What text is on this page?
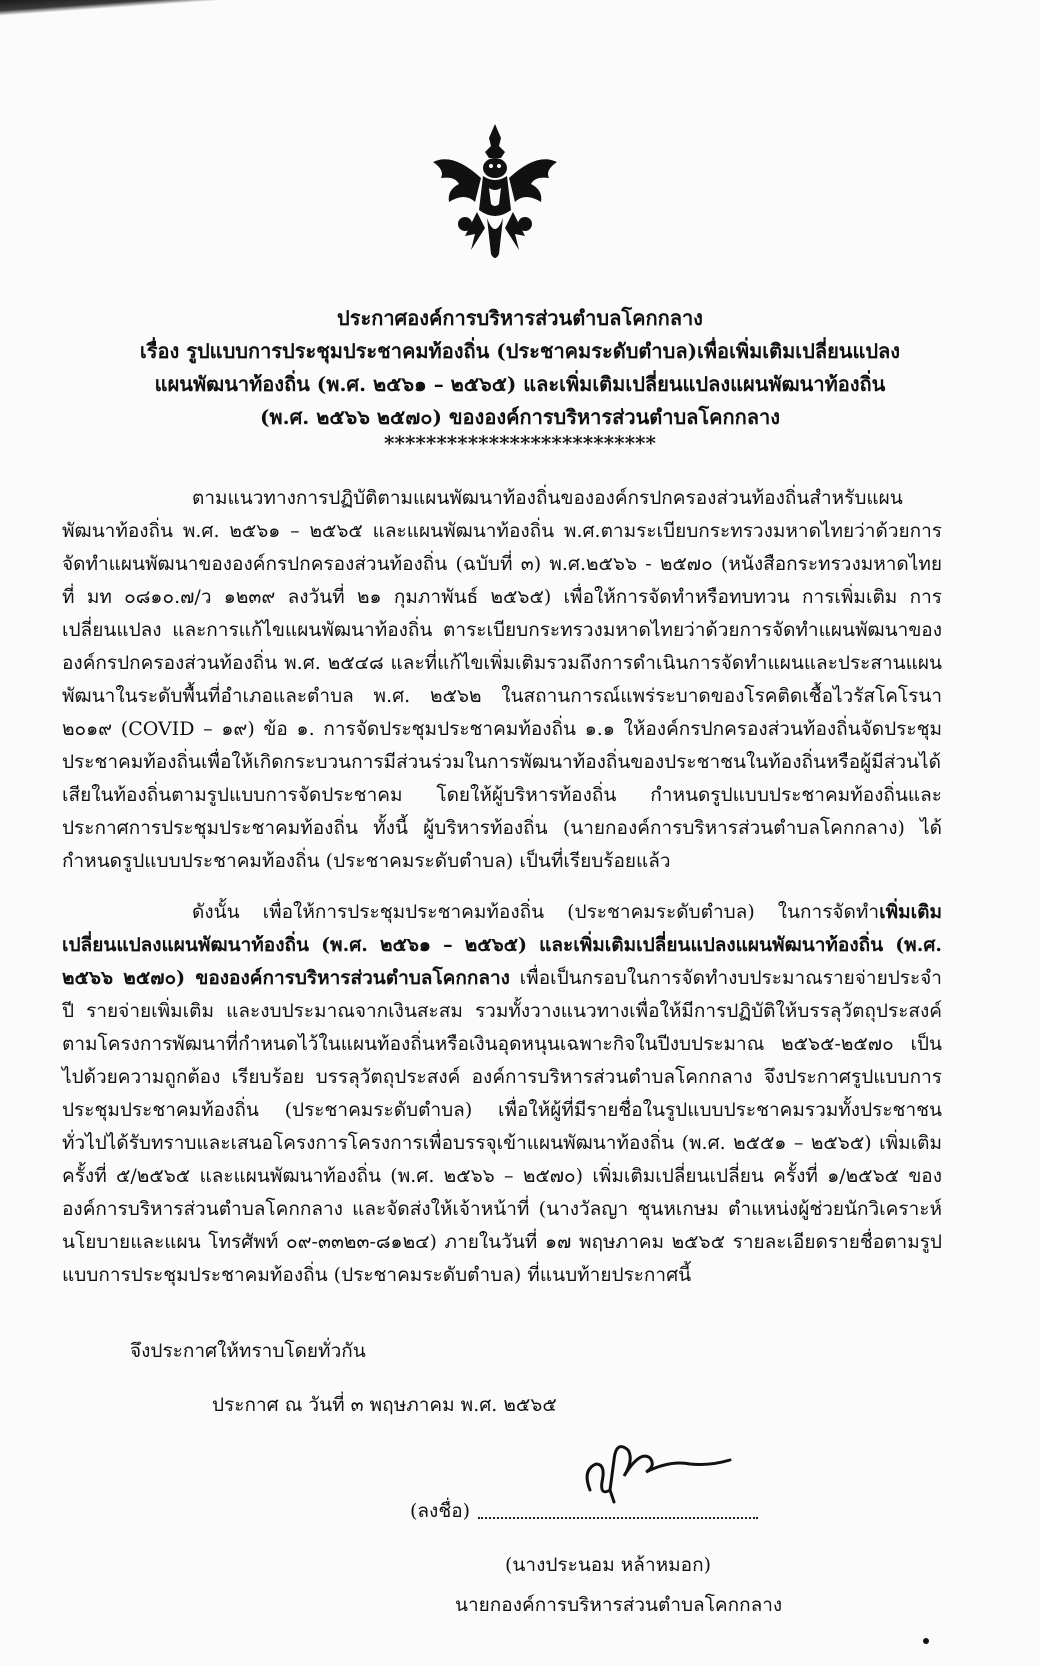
ประกาศองค์การบริหารส่วนตำบลโคกกลาง
เรื่อง รูปแบบการประชุมประชาคมท้องถิ่น (ประชาคมระดับตำบล)เพื่อเพิ่มเติมเปลี่ยนแปลง
แผนพัฒนาท้องถิ่น (พ.ศ. ๒๕๖๑ – ๒๕๖๕) และเพิ่มเติมเปลี่ยนแปลงแผนพัฒนาท้องถิ่น
(พ.ศ. ๒๕๖๖ ๒๕๗๐) ขององค์การบริหารส่วนตำบลโคกกลาง
**************************

ตามแนวทางการปฏิบัติตามแผนพัฒนาท้องถิ่นขององค์กรปกครองส่วนท้องถิ่นสำหรับแผนพัฒนาท้องถิ่น พ.ศ. ๒๕๖๑ – ๒๕๖๕ และแผนพัฒนาท้องถิ่น พ.ศ.ตามระเบียบกระทรวงมหาดไทยว่าด้วยการจัดทำแผนพัฒนาขององค์กรปกครองส่วนท้องถิ่น (ฉบับที่ ๓) พ.ศ.๒๕๖๖ - ๒๕๗๐ (หนังสือกระทรวงมหาดไทย ที่ มท ๐๘๑๐.๗/ว ๑๒๓๙ ลงวันที่ ๒๑ กุมภาพันธ์ ๒๕๖๕) เพื่อให้การจัดทำหรือทบทวน การเพิ่มเติม การเปลี่ยนแปลง และการแก้ไขแผนพัฒนาท้องถิ่น ตาระเบียบกระทรวงมหาดไทยว่าด้วยการจัดทำแผนพัฒนาขององค์กรปกครองส่วนท้องถิ่น พ.ศ. ๒๕๔๘ และที่แก้ไขเพิ่มเติมรวมถึงการดำเนินการจัดทำแผนและประสานแผนพัฒนาในระดับพื้นที่อำเภอและตำบล พ.ศ. ๒๕๖๒ ในสถานการณ์แพร่ระบาดของโรคติดเชื้อไวรัสโคโรนา ๒๐๑๙ (COVID – ๑๙) ข้อ ๑. การจัดประชุมประชาคมท้องถิ่น ๑.๑ ให้องค์กรปกครองส่วนท้องถิ่นจัดประชุมประชาคมท้องถิ่นเพื่อให้เกิดกระบวนการมีส่วนร่วมในการพัฒนาท้องถิ่นของประชาชนในท้องถิ่นหรือผู้มีส่วนได้เสียในท้องถิ่นตามรูปแบบการจัดประชาคม โดยให้ผู้บริหารท้องถิ่น กำหนดรูปแบบประชาคมท้องถิ่นและประกาศการประชุมประชาคมท้องถิ่น ทั้งนี้ ผู้บริหารท้องถิ่น (นายกองค์การบริหารส่วนตำบลโคกกลาง) ได้กำหนดรูปแบบประชาคมท้องถิ่น (ประชาคมระดับตำบล) เป็นที่เรียบร้อยแล้ว

ดังนั้น เพื่อให้การประชุมประชาคมท้องถิ่น (ประชาคมระดับตำบล) ในการจัดทำเพิ่มเติมเปลี่ยนแปลงแผนพัฒนาท้องถิ่น (พ.ศ. ๒๕๖๑ – ๒๕๖๕) และเพิ่มเติมเปลี่ยนแปลงแผนพัฒนาท้องถิ่น (พ.ศ. ๒๕๖๖ ๒๕๗๐) ขององค์การบริหารส่วนตำบลโคกกลาง เพื่อเป็นกรอบในการจัดทำงบประมาณรายจ่ายประจำปี รายจ่ายเพิ่มเติม และงบประมาณจากเงินสะสม รวมทั้งวางแนวทางเพื่อให้มีการปฏิบัติให้บรรลุวัตถุประสงค์ตามโครงการพัฒนาที่กำหนดไว้ในแผนท้องถิ่นหรือเงินอุดหนุนเฉพาะกิจในปีงบประมาณ ๒๕๖๕-๒๕๗๐ เป็นไปด้วยความถูกต้อง เรียบร้อย บรรลุวัตถุประสงค์ องค์การบริหารส่วนตำบลโคกกลาง จึงประกาศรูปแบบการประชุมประชาคมท้องถิ่น (ประชาคมระดับตำบล) เพื่อให้ผู้ที่มีรายชื่อในรูปแบบประชาคมรวมทั้งประชาชนทั่วไปได้รับทราบและเสนอโครงการโครงการเพื่อบรรจุเข้าแผนพัฒนาท้องถิ่น (พ.ศ. ๒๕๕๑ – ๒๕๖๕) เพิ่มเติม ครั้งที่ ๕/๒๕๖๕ และแผนพัฒนาท้องถิ่น (พ.ศ. ๒๕๖๖ – ๒๕๗๐) เพิ่มเติมเปลี่ยนเปลี่ยน ครั้งที่ ๑/๒๕๖๕ ขององค์การบริหารส่วนตำบลโคกกลาง และจัดส่งให้เจ้าหน้าที่ (นางวัลญา ชุนหเกษม ตำแหน่งผู้ช่วยนักวิเคราะห์นโยบายและแผน โทรศัพท์ ๐๙-๓๓๒๓-๘๑๒๔) ภายในวันที่ ๑๗ พฤษภาคม ๒๕๖๕ รายละเอียดรายชื่อตามรูปแบบการประชุมประชาคมท้องถิ่น (ประชาคมระดับตำบล) ที่แนบท้ายประกาศนี้

จึงประกาศให้ทราบโดยทั่วกัน
ประกาศ ณ วันที่ ๓ พฤษภาคม พ.ศ. ๒๕๖๕
(ลงชื่อ)
(นางประนอม หล้าหมอก)
นายกองค์การบริหารส่วนตำบลโคกกลาง
